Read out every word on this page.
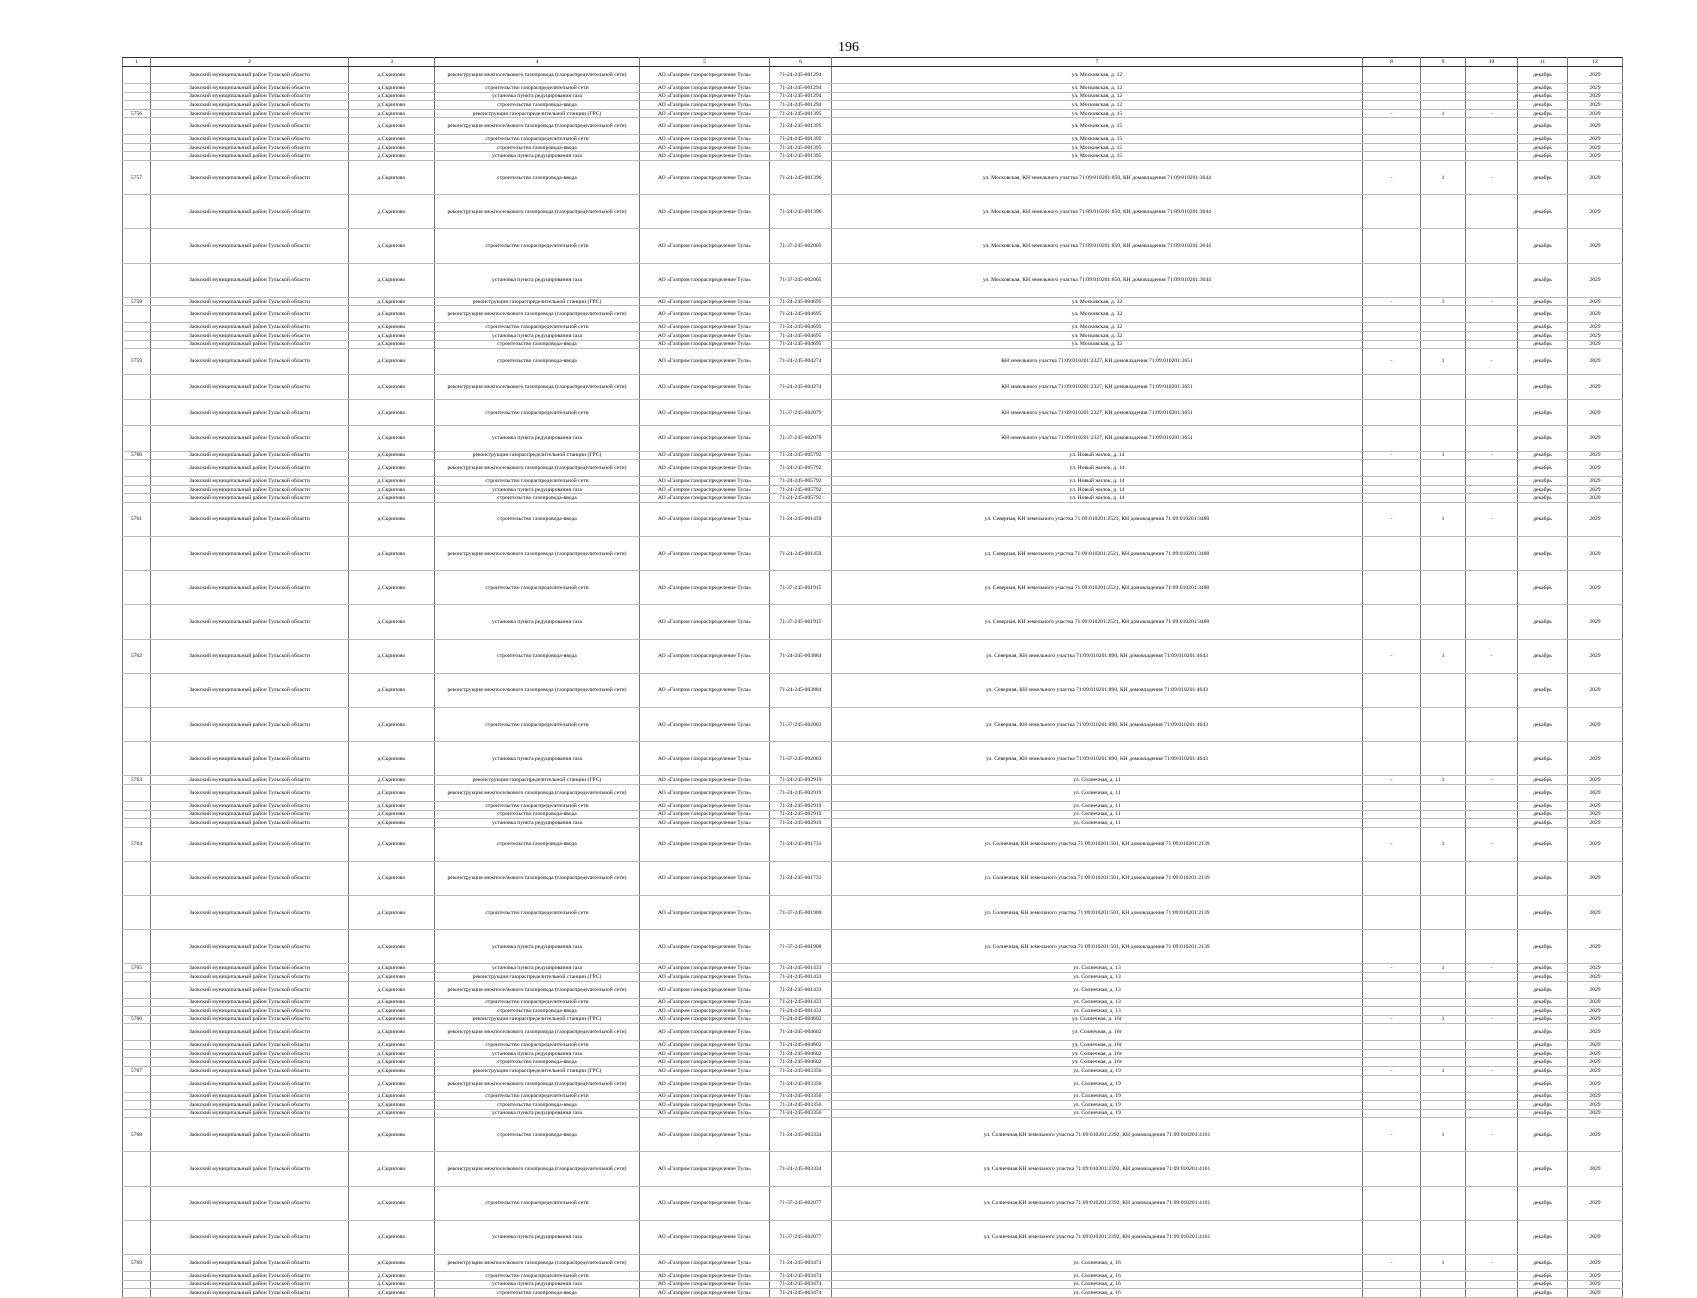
196
1	2	3	4	5	6	7	8	9	10	11	12
	Заокский муниципальный район Тульской области	д.Скрипово	реконструкция межпоселкового газопровода (газораспределительной сети)	АО «Газпром газораспределение Тула»	71-24-245-001294	ул. Московская, д. 12				декабрь	2029
	Заокский муниципальный район Тульской области	д.Скрипово	строительство газораспределительной сети	АО «Газпром газораспределение Тула»	71-24-245-001294	ул. Московская, д. 12				декабрь	2029
	Заокский муниципальный район Тульской области	д.Скрипово	установка пункта редуцирования газа	АО «Газпром газораспределение Тула»	71-24-245-001294	ул. Московская, д. 12				декабрь	2029
	Заокский муниципальный район Тульской области	д.Скрипово	строительство газопровода-ввода	АО «Газпром газораспределение Тула»	71-24-245-001294	ул. Московская, д. 12				декабрь	2029
5756	Заокский муниципальный район Тульской области	д.Скрипово	реконструкция газораспределительной станции (ГРС)	АО «Газпром газораспределение Тула»	71-24-245-001395	ул. Московская, д. 15	-	1	-	декабрь	2029
	Заокский муниципальный район Тульской области	д.Скрипово	реконструкция межпоселкового газопровода (газораспределительной сети)	АО «Газпром газораспределение Тула»	71-24-245-001395	ул. Московская, д. 15				декабрь	2029
	Заокский муниципальный район Тульской области	д.Скрипово	строительство газораспределительной сети	АО «Газпром газораспределение Тула»	71-24-245-001395	ул. Московская, д. 15				декабрь	2029
	Заокский муниципальный район Тульской области	д.Скрипово	строительство газопровода-ввода	АО «Газпром газораспределение Тула»	71-24-245-001395	ул. Московская, д. 15				декабрь	2029
	Заокский муниципальный район Тульской области	д.Скрипово	установка пункта редуцирования газа	АО «Газпром газораспределение Тула»	71-24-245-001395	ул. Московская, д. 15				декабрь	2029
5757	Заокский муниципальный район Тульской области	д.Скрипово	строительство газопровода-ввода	АО «Газпром газораспределение Тула»	71-24-245-001396	ул. Московская, КН земельного участка 71:09:010201:850, КН домовладения 71:09:010201:3644	-	1	-	декабрь	2029
	Заокский муниципальный район Тульской области	д.Скрипово	реконструкция межпоселкового газопровода (газораспределительной сети)	АО «Газпром газораспределение Тула»	71-24-245-001396	ул. Московская, КН земельного участка 71:09:010201:850, КН домовладения 71:09:010201:3644				декабрь	2029
	Заокский муниципальный район Тульской области	д.Скрипово	строительство газораспределительной сети	АО «Газпром газораспределение Тула»	71-37-245-002005	ул. Московская, КН земельного участка 71:09:010201:850, КН домовладения 71:09:010201:3644				декабрь	2029
	Заокский муниципальный район Тульской области	д.Скрипово	установка пункта редуцирования газа	АО «Газпром газораспределение Тула»	71-37-245-002005	ул. Московская, КН земельного участка 71:09:010201:850, КН домовладения 71:09:010201:3644				декабрь	2029
5758	Заокский муниципальный район Тульской области	д.Скрипово	реконструкция газораспределительной станции (ГРС)	АО «Газпром газораспределение Тула»	71-24-245-004695	ул. Московская, д. 32	-	1	-	декабрь	2029
	Заокский муниципальный район Тульской области	д.Скрипово	реконструкция межпоселкового газопровода (газораспределительной сети)	АО «Газпром газораспределение Тула»	71-24-245-004695	ул. Московская, д. 32				декабрь	2029
	Заокский муниципальный район Тульской области	д.Скрипово	строительство газораспределительной сети	АО «Газпром газораспределение Тула»	71-24-245-004695	ул. Московская, д. 32				декабрь	2029
	Заокский муниципальный район Тульской области	д.Скрипово	установка пункта редуцирования газа	АО «Газпром газораспределение Тула»	71-24-245-004695	ул. Московская, д. 32				декабрь	2029
	Заокский муниципальный район Тульской области	д.Скрипово	строительство газопровода-ввода	АО «Газпром газораспределение Тула»	71-24-245-004695	ул. Московская, д. 32				декабрь	2029
5759	Заокский муниципальный район Тульской области	д.Скрипово	строительство газопровода-ввода	АО «Газпром газораспределение Тула»	71-24-245-004274	КН земельного участка 71:09:010201:2327, КН домовладения 71:09:010201:3651	-	1	-	декабрь	2029
	Заокский муниципальный район Тульской области	д.Скрипово	реконструкция межпоселкового газопровода (газораспределительной сети)	АО «Газпром газораспределение Тула»	71-24-245-004274	КН земельного участка 71:09:010201:2327, КН домовладения 71:09:010201:3651				декабрь	2029
	Заокский муниципальный район Тульской области	д.Скрипово	строительство газораспределительной сети	АО «Газпром газораспределение Тула»	71-37-245-002079	КН земельного участка 71:09:010201:2327, КН домовладения 71:09:010201:3651				декабрь	2029
	Заокский муниципальный район Тульской области	д.Скрипово	установка пункта редуцирования газа	АО «Газпром газораспределение Тула»	71-37-245-002079	КН земельного участка 71:09:010201:2327, КН домовладения 71:09:010201:3651				декабрь	2029
5760	Заокский муниципальный район Тульской области	д.Скрипово	реконструкция газораспределительной станции (ГРС)	АО «Газпром газораспределение Тула»	71-24-245-005792	ул. Новый жилок, д. 14	-	1	-	декабрь	2029
	Заокский муниципальный район Тульской области	д.Скрипово	реконструкция межпоселкового газопровода (газораспределительной сети)	АО «Газпром газораспределение Тула»	71-24-245-005792	ул. Новый жилок, д. 14				декабрь	2029
	Заокский муниципальный район Тульской области	д.Скрипово	строительство газораспределительной сети	АО «Газпром газораспределение Тула»	71-24-245-005792	ул. Новый жилок, д. 14				декабрь	2029
	Заокский муниципальный район Тульской области	д.Скрипово	установка пункта редуцирования газа	АО «Газпром газораспределение Тула»	71-24-245-005792	ул. Новый жилок, д. 14				декабрь	2029
	Заокский муниципальный район Тульской области	д.Скрипово	строительство газопровода-ввода	АО «Газпром газораспределение Тула»	71-24-245-005792	ул. Новый жилок, д. 14				декабрь	2029
5761	Заокский муниципальный район Тульской области	д.Скрипово	строительство газопровода-ввода	АО «Газпром газораспределение Тула»	71-24-245-001459	ул. Северная, КН земельного участка 71:09:010201:2521, КН домовладения 71:09:010201:3480	-	1	-	декабрь	2029
	Заокский муниципальный район Тульской области	д.Скрипово	реконструкция межпоселкового газопровода (газораспределительной сети)	АО «Газпром газораспределение Тула»	71-24-245-001459	ул. Северная, КН земельного участка 71:09:010201:2521, КН домовладения 71:09:010201:3480				декабрь	2029
	Заокский муниципальный район Тульской области	д.Скрипово	строительство газораспределительной сети	АО «Газпром газораспределение Тула»	71-37-245-001915	ул. Северная, КН земельного участка 71:09:010201:2521, КН домовладения 71:09:010201:3480				декабрь	2029
	Заокский муниципальный район Тульской области	д.Скрипово	установка пункта редуцирования газа	АО «Газпром газораспределение Тула»	71-37-245-001915	ул. Северная, КН земельного участка 71:09:010201:2521, КН домовладения 71:09:010201:3480				декабрь	2029
5762	Заокский муниципальный район Тульской области	д.Скрипово	строительство газопровода-ввода	АО «Газпром газораспределение Тула»	71-24-245-003884	ул. Северная, КН земельного участка 71:09:010201:890, КН домовладения 71:09:010201:4643	-	1	-	декабрь	2029
	Заокский муниципальный район Тульской области	д.Скрипово	реконструкция межпоселкового газопровода (газораспределительной сети)	АО «Газпром газораспределение Тула»	71-24-245-003884	ул. Северная, КН земельного участка 71:09:010201:890, КН домовладения 71:09:010201:4643				декабрь	2029
	Заокский муниципальный район Тульской области	д.Скрипово	строительство газораспределительной сети	АО «Газпром газораспределение Тула»	71-37-245-002003	ул. Северная, КН земельного участка 71:09:010201:890, КН домовладения 71:09:010201:4643				декабрь	2029
	Заокский муниципальный район Тульской области	д.Скрипово	установка пункта редуцирования газа	АО «Газпром газораспределение Тула»	71-37-245-002003	ул. Северная, КН земельного участка 71:09:010201:890, КН домовладения 71:09:010201:4643				декабрь	2029
5763	Заокский муниципальный район Тульской области	д.Скрипово	реконструкция газораспределительной станции (ГРС)	АО «Газпром газораспределение Тула»	71-24-245-002919	ул. Солнечная, д. 11	-	1	-	декабрь	2029
	Заокский муниципальный район Тульской области	д.Скрипово	реконструкция межпоселкового газопровода (газораспределительной сети)	АО «Газпром газораспределение Тула»	71-24-245-002919	ул. Солнечная, д. 11				декабрь	2029
	Заокский муниципальный район Тульской области	д.Скрипово	строительство газораспределительной сети	АО «Газпром газораспределение Тула»	71-24-245-002919	ул. Солнечная, д. 11				декабрь	2029
	Заокский муниципальный район Тульской области	д.Скрипово	строительство газопровода-ввода	АО «Газпром газораспределение Тула»	71-24-245-002919	ул. Солнечная, д. 11				декабрь	2029
	Заокский муниципальный район Тульской области	д.Скрипово	установка пункта редуцирования газа	АО «Газпром газораспределение Тула»	71-24-245-002919	ул. Солнечная, д. 11				декабрь	2029
5764	Заокский муниципальный район Тульской области	д.Скрипово	строительство газопровода-ввода	АО «Газпром газораспределение Тула»	71-24-245-001731	ул. Солнечная, КН земельного участка 71:09:010201:501, КН домовладения 71:09:010201:2139	-	1	-	декабрь	2029
	Заокский муниципальный район Тульской области	д.Скрипово	реконструкция межпоселкового газопровода (газораспределительной сети)	АО «Газпром газораспределение Тула»	71-24-245-001731	ул. Солнечная, КН земельного участка 71:09:010201:501, КН домовладения 71:09:010201:2139				декабрь	2029
	Заокский муниципальный район Тульской области	д.Скрипово	строительство газораспределительной сети	АО «Газпром газораспределение Тула»	71-37-245-001900	ул. Солнечная, КН земельного участка 71:09:010201:501, КН домовладения 71:09:010201:2139				декабрь	2029
	Заокский муниципальный район Тульской области	д.Скрипово	установка пункта редуцирования газа	АО «Газпром газораспределение Тула»	71-37-245-001900	ул. Солнечная, КН земельного участка 71:09:010201:501, КН домовладения 71:09:010201:2139				декабрь	2029
5765	Заокский муниципальный район Тульской области	д.Скрипово	установка пункта редуцирования газа	АО «Газпром газораспределение Тула»	71-24-245-001433	ул. Солнечная, д. 13	-	1	-	декабрь	2029
	Заокский муниципальный район Тульской области	д.Скрипово	реконструкция газораспределительной станции (ГРС)	АО «Газпром газораспределение Тула»	71-24-245-001433	ул. Солнечная, д. 13				декабрь	2029
	Заокский муниципальный район Тульской области	д.Скрипово	реконструкция межпоселкового газопровода (газораспределительной сети)	АО «Газпром газораспределение Тула»	71-24-245-001433	ул. Солнечная, д. 13				декабрь	2029
	Заокский муниципальный район Тульской области	д.Скрипово	строительство газораспределительной сети	АО «Газпром газораспределение Тула»	71-24-245-001433	ул. Солнечная, д. 13				декабрь	2029
	Заокский муниципальный район Тульской области	д.Скрипово	строительство газопровода-ввода	АО «Газпром газораспределение Тула»	71-24-245-001433	ул. Солнечная, д. 13				декабрь	2029
5766	Заокский муниципальный район Тульской области	д.Скрипово	реконструкция газораспределительной станции (ГРС)	АО «Газпром газораспределение Тула»	71-24-245-004602	ул. Солнечная, д. 16г	-	1	-	декабрь	2029
	Заокский муниципальный район Тульской области	д.Скрипово	реконструкция межпоселкового газопровода (газораспределительной сети)	АО «Газпром газораспределение Тула»	71-24-245-004602	ул. Солнечная, д. 16г				декабрь	2029
	Заокский муниципальный район Тульской области	д.Скрипово	строительство газораспределительной сети	АО «Газпром газораспределение Тула»	71-24-245-004602	ул. Солнечная, д. 16г				декабрь	2029
	Заокский муниципальный район Тульской области	д.Скрипово	установка пункта редуцирования газа	АО «Газпром газораспределение Тула»	71-24-245-004602	ул. Солнечная, д. 16г				декабрь	2029
	Заокский муниципальный район Тульской области	д.Скрипово	строительство газопровода-ввода	АО «Газпром газораспределение Тула»	71-24-245-004602	ул. Солнечная, д. 16г				декабрь	2029
5767	Заокский муниципальный район Тульской области	д.Скрипово	реконструкция газораспределительной станции (ГРС)	АО «Газпром газораспределение Тула»	71-24-245-003356	ул. Солнечная, д. 19	-	1	-	декабрь	2029
	Заокский муниципальный район Тульской области	д.Скрипово	реконструкция межпоселкового газопровода (газораспределительной сети)	АО «Газпром газораспределение Тула»	71-24-245-003356	ул. Солнечная, д. 19				декабрь	2029
	Заокский муниципальный район Тульской области	д.Скрипово	строительство газораспределительной сети	АО «Газпром газораспределение Тула»	71-24-245-003356	ул. Солнечная, д. 19				декабрь	2029
	Заокский муниципальный район Тульской области	д.Скрипово	строительство газопровода-ввода	АО «Газпром газораспределение Тула»	71-24-245-003356	ул. Солнечная, д. 19				декабрь	2029
	Заокский муниципальный район Тульской области	д.Скрипово	установка пункта редуцирования газа	АО «Газпром газораспределение Тула»	71-24-245-003356	ул. Солнечная, д. 19				декабрь	2029
5768	Заокский муниципальный район Тульской области	д.Скрипово	строительство газопровода-ввода	АО «Газпром газораспределение Тула»	71-24-245-003334	ул. Солнечная,КН земельного участка 71:09:010201:2392, КН домовладения 71:09:010201:4161	-	1	-	декабрь	2029
	Заокский муниципальный район Тульской области	д.Скрипово	реконструкция межпоселкового газопровода (газораспределительной сети)	АО «Газпром газораспределение Тула»	71-24-245-003334	ул. Солнечная,КН земельного участка 71:09:010201:2392, КН домовладения 71:09:010201:4161				декабрь	2029
	Заокский муниципальный район Тульской области	д.Скрипово	строительство газораспределительной сети	АО «Газпром газораспределение Тула»	71-37-245-002077	ул. Солнечная,КН земельного участка 71:09:010201:2392, КН домовладения 71:09:010201:4161				декабрь	2029
	Заокский муниципальный район Тульской области	д.Скрипово	установка пункта редуцирования газа	АО «Газпром газораспределение Тула»	71-37-245-002077	ул. Солнечная,КН земельного участка 71:09:010201:2392, КН домовладения 71:09:010201:4161				декабрь	2029
5769	Заокский муниципальный район Тульской области	д.Скрипово	реконструкция межпоселкового газопровода (газораспределительной сети)	АО «Газпром газораспределение Тула»	71-24-245-003474	ул. Солнечная, д. 16	-	1	-	декабрь	2029
	Заокский муниципальный район Тульской области	д.Скрипово	строительство газораспределительной сети	АО «Газпром газораспределение Тула»	71-24-245-003474	ул. Солнечная, д. 16				декабрь	2029
	Заокский муниципальный район Тульской области	д.Скрипово	установка пункта редуцирования газа	АО «Газпром газораспределение Тула»	71-24-245-003474	ул. Солнечная, д. 16				декабрь	2029
	Заокский муниципальный район Тульской области	д.Скрипово	строительство газопровода-ввода	АО «Газпром газораспределение Тула»	71-24-245-003474	ул. Солнечная, д. 16				декабрь	2029
